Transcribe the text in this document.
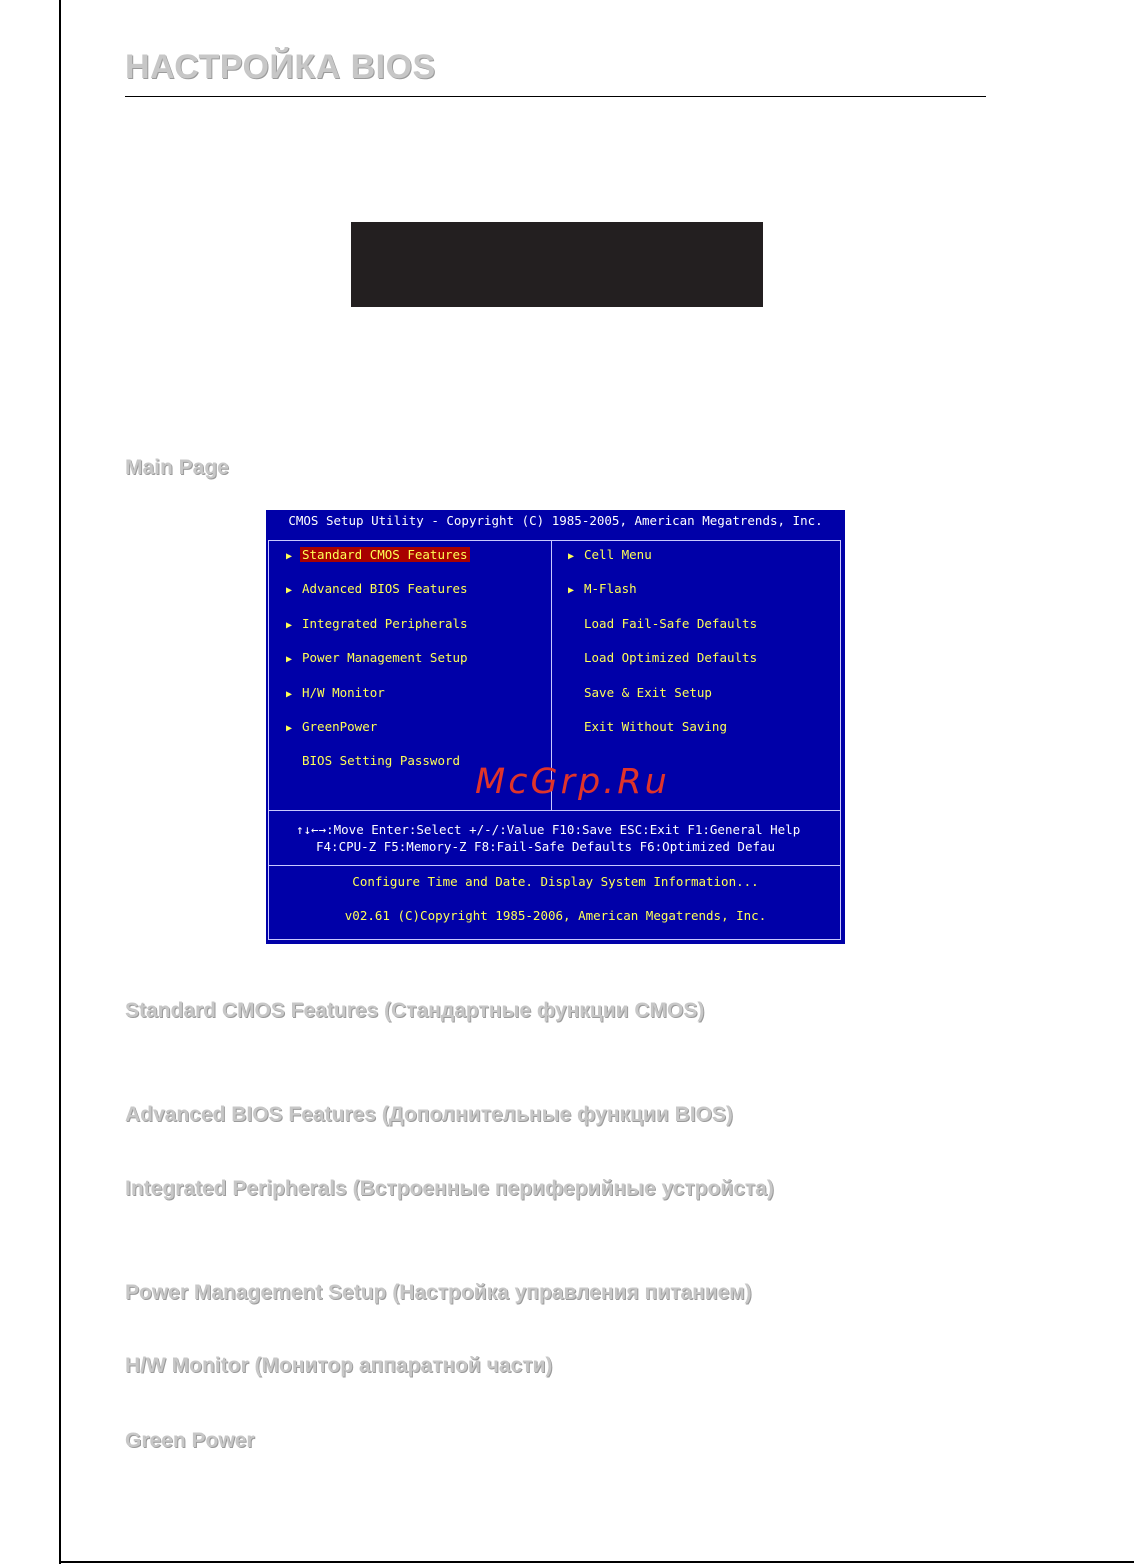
НАСТРОЙКА BIOS
Main Page
CMOS Setup Utility - Copyright (C) 1985-2005, American Megatrends, Inc.
▶ Standard CMOS Features
▶ Advanced BIOS Features
▶ Integrated Peripherals
▶ Power Management Setup
▶ H/W Monitor
▶ GreenPower
BIOS Setting Password
▶ Cell Menu
▶ M-Flash
Load Fail-Safe Defaults
Load Optimized Defaults
Save & Exit Setup
Exit Without Saving
↑↓←→:Move Enter:Select +/-/:Value F10:Save ESC:Exit F1:General Help
F4:CPU-Z F5:Memory-Z F8:Fail-Safe Defaults F6:Optimized Defau
Configure Time and Date. Display System Information...
v02.61 (C)Copyright 1985-2006, American Megatrends, Inc.
McGrp.Ru
Standard CMOS Features (Стандартные функции CMOS)
Advanced BIOS Features (Дополнительные функции BIOS)
Integrated Peripherals (Встроенные периферийные устройста)
Power Management Setup (Настройка управления питанием)
H/W Monitor (Монитор аппаратной части)
Green Power
